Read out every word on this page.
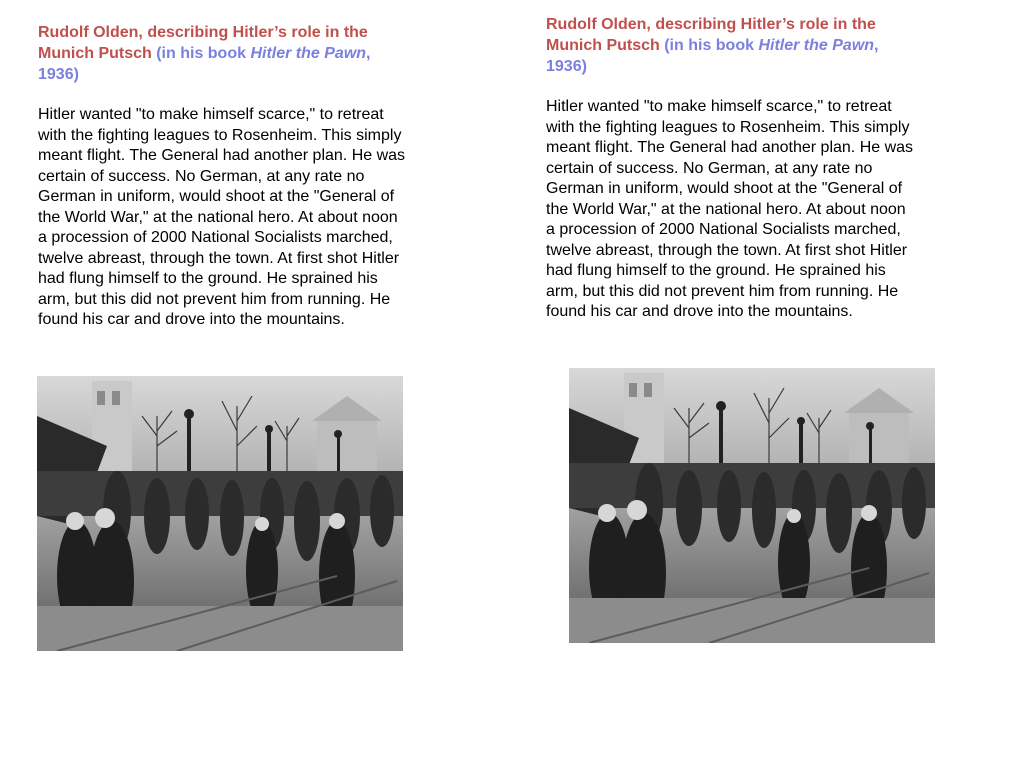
Rudolf Olden, describing Hitler’s role in the Munich Putsch (in his book Hitler the Pawn, 1936)

Hitler wanted "to make himself scarce," to retreat with the fighting leagues to Rosenheim. This simply meant flight. The General had another plan. He was certain of success. No German, at any rate no German in uniform, would shoot at the "General of the World War," at the national hero. At about noon a procession of 2000 National Socialists marched, twelve abreast, through the town. At first shot Hitler had flung himself to the ground. He sprained his arm, but this did not prevent him from running. He found his car and drove into the mountains.

Rudolf Olden, describing Hitler’s role in the Munich Putsch (in his book Hitler the Pawn, 1936)

Hitler wanted "to make himself scarce," to retreat with the fighting leagues to Rosenheim. This simply meant flight. The General had another plan. He was certain of success. No German, at any rate no German in uniform, would shoot at the "General of the World War," at the national hero. At about noon a procession of 2000 National Socialists marched, twelve abreast, through the town. At first shot Hitler had flung himself to the ground. He sprained his arm, but this did not prevent him from running. He found his car and drove into the mountains.
